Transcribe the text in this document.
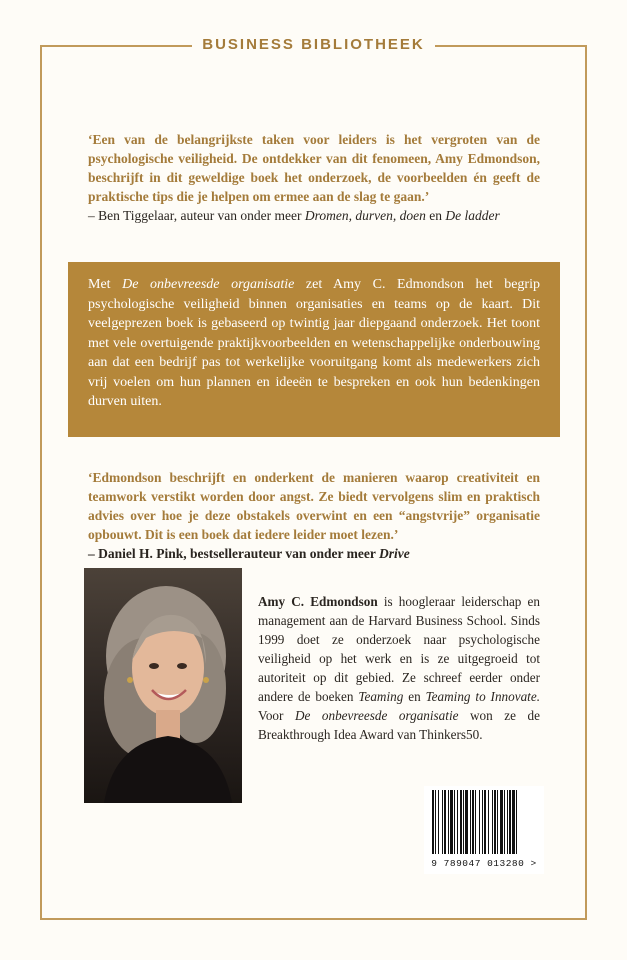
BUSINESS BIBLIOTHEEK
‘Een van de belangrijkste taken voor leiders is het vergroten van de psychologische veiligheid. De ontdekker van dit fenomeen, Amy Edmondson, beschrijft in dit geweldige boek het onderzoek, de voorbeelden én geeft de praktische tips die je helpen om ermee aan de slag te gaan.’
– Ben Tiggelaar, auteur van onder meer Dromen, durven, doen en De ladder
Met De onbevreesde organisatie zet Amy C. Edmondson het begrip psychologische veiligheid binnen organisaties en teams op de kaart. Dit veelgeprezen boek is gebaseerd op twintig jaar diepgaand onderzoek. Het toont met vele overtuigende praktijkvoorbeelden en wetenschappelijke onderbouwing aan dat een bedrijf pas tot werkelijke vooruitgang komt als medewerkers zich vrij voelen om hun plannen en ideeën te bespreken en ook hun bedenkingen durven uiten.
‘Edmondson beschrijft en onderkent de manieren waarop creativiteit en teamwork verstikt worden door angst. Ze biedt vervolgens slim en praktisch advies over hoe je deze obstakels overwint en een “angstvrije” organisatie opbouwt. Dit is een boek dat iedere leider moet lezen.’
– Daniel H. Pink, bestsellerauteur van onder meer Drive
Amy C. Edmondson is hoogleraar leiderschap en management aan de Harvard Business School. Sinds 1999 doet ze onderzoek naar psychologische veiligheid op het werk en is ze uitgegroeid tot autoriteit op dit gebied. Ze schreef eerder onder andere de boeken Teaming en Teaming to Innovate. Voor De onbevreesde organisatie won ze de Breakthrough Idea Award van Thinkers50.
9 789047 013280 >
